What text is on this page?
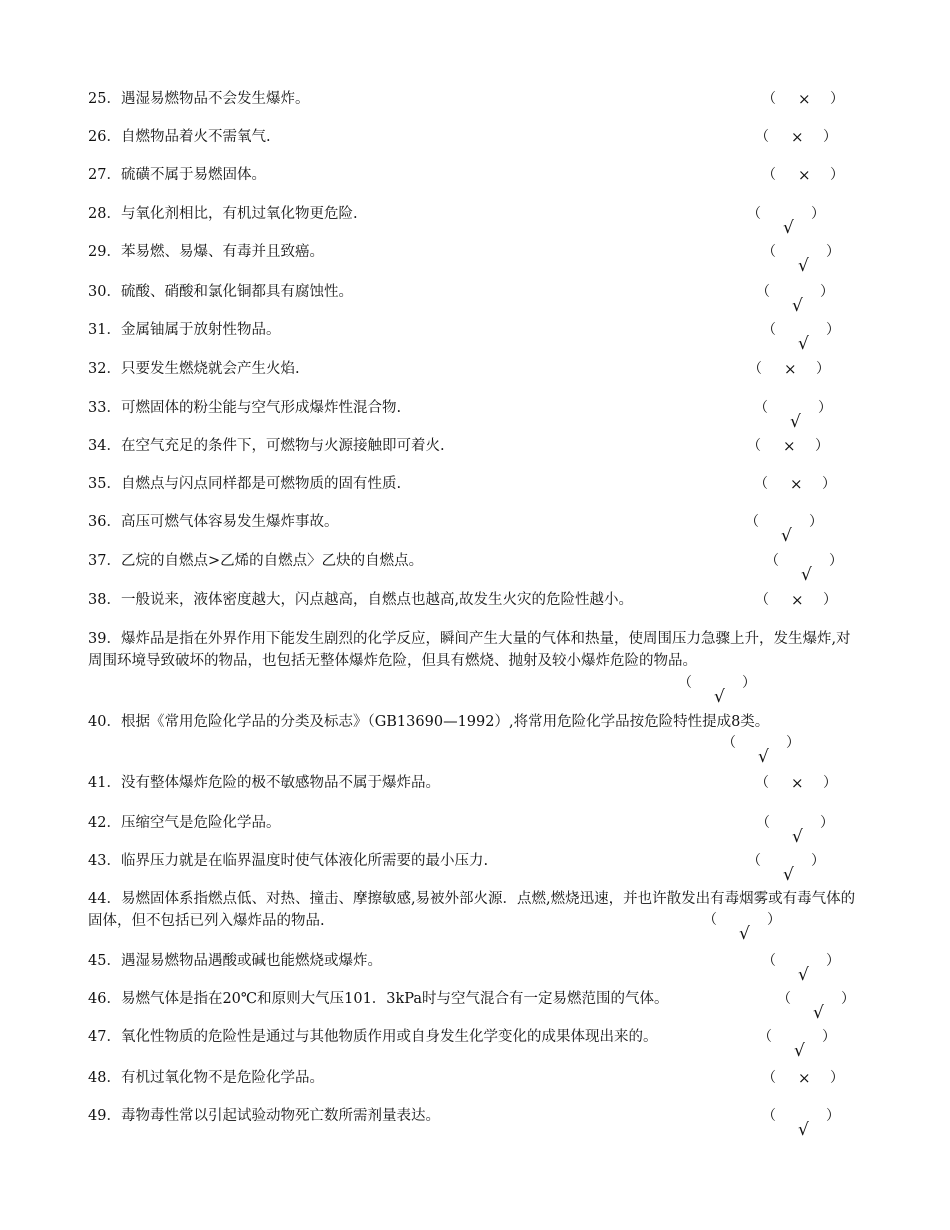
25．遇湿易燃物品不会发生爆炸。	（	）
×
26．自燃物品着火不需氧气.	（	）
×
27．硫磺不属于易燃固体。	（	）
×
28．与氧化剂相比，有机过氧化物更危险.	（	）
√
29．苯易燃、易爆、有毒并且致癌。	（	）
√
30．硫酸、硝酸和氯化铜都具有腐蚀性。	（	）
√
31．金属铀属于放射性物品。	（	）
√
32．只要发生燃烧就会产生火焰.	（	）
×
33．可燃固体的粉尘能与空气形成爆炸性混合物.	（	）
√
34．在空气充足的条件下，可燃物与火源接触即可着火.	（	）
×
35．自燃点与闪点同样都是可燃物质的固有性质.	（	）
×
36．高压可燃气体容易发生爆炸事故。	（	）
√
37．乙烷的自燃点>乙烯的自燃点〉乙炔的自燃点。	（	）
√
38．一般说来，液体密度越大，闪点越高，自燃点也越高,故发生火灾的危险性越小。	（	）
×
39．爆炸品是指在外界作用下能发生剧烈的化学反应，瞬间产生大量的气体和热量，使周围压力急骤上升，发生爆炸,对周围环境导致破坏的物品，也包括无整体爆炸危险，但具有燃烧、抛射及较小爆炸危险的物品。
（	）
√
40．根据《常用危险化学品的分类及标志》（GB13690—1992）,将常用危险化学品按危险特性提成8类。
（	）
√
41．没有整体爆炸危险的极不敏感物品不属于爆炸品。	（	）
×
42．压缩空气是危险化学品。	（	）
√
43．临界压力就是在临界温度时使气体液化所需要的最小压力.	（	）
√
44．易燃固体系指燃点低、对热、撞击、摩擦敏感,易被外部火源．点燃,燃烧迅速，并也许散发出有毒烟雾或有毒气体的固体，但不包括已列入爆炸品的物品.	（	）
√
45．遇湿易燃物品遇酸或碱也能燃烧或爆炸。	（	）
√
46．易燃气体是指在20℃和原则大气压101．3kPa时与空气混合有一定易燃范围的气体。	（	）
√
47．氧化性物质的危险性是通过与其他物质作用或自身发生化学变化的成果体现出来的。	（	）
√
48．有机过氧化物不是危险化学品。	（	）
×
49．毒物毒性常以引起试验动物死亡数所需剂量表达。	（	）
√
